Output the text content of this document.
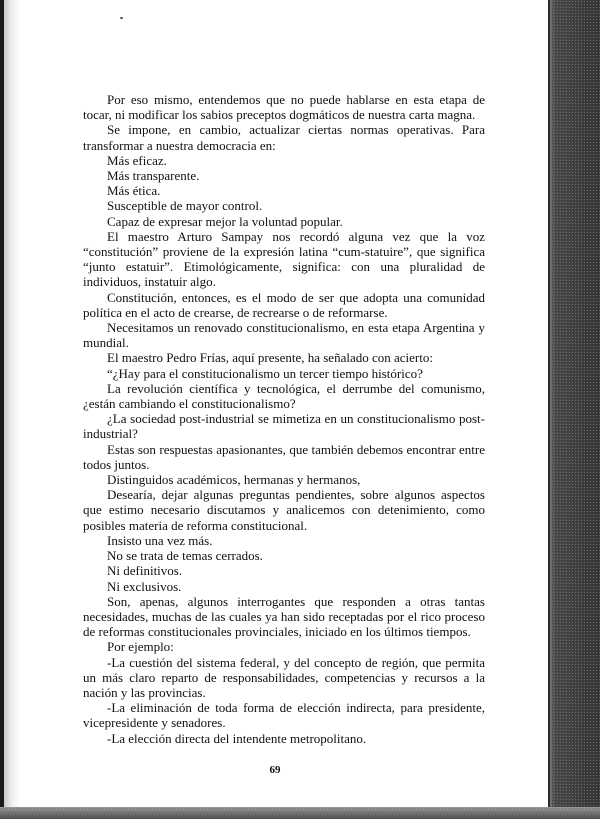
Por eso mismo, entendemos que no puede hablarse en esta etapa de tocar, ni modificar los sabios preceptos dogmáticos de nuestra carta magna.

Se impone, en cambio, actualizar ciertas normas operativas. Para transformar a nuestra democracia en:

Más eficaz.

Más transparente.

Más ética.

Susceptible de mayor control.

Capaz de expresar mejor la voluntad popular.

El maestro Arturo Sampay nos recordó alguna vez que la voz “constitución” proviene de la expresión latina “cum-statuire”, que significa “junto estatuir”. Etimológicamente, significa: con una pluralidad de individuos, instatuir algo.

Constitución, entonces, es el modo de ser que adopta una comunidad política en el acto de crearse, de recrearse o de reformarse.

Necesitamos un renovado constitucionalismo, en esta etapa Argentina y mundial.

El maestro Pedro Frías, aquí presente, ha señalado con acierto:

“¿Hay para el constitucionalismo un tercer tiempo histórico?

La revolución científica y tecnológica, el derrumbe del comunismo, ¿están cambiando el constitucionalismo?

¿La sociedad post-industrial se mimetiza en un constitucionalismo post-industrial?

Estas son respuestas apasionantes, que también debemos encontrar entre todos juntos.

Distinguidos académicos, hermanas y hermanos,

Desearía, dejar algunas preguntas pendientes, sobre algunos aspectos que estimo necesario discutamos y analicemos con detenimiento, como posibles materia de reforma constitucional.

Insisto una vez más.

No se trata de temas cerrados.

Ni definitivos.

Ni exclusivos.

Son, apenas, algunos interrogantes que responden a otras tantas necesidades, muchas de las cuales ya han sido receptadas por el rico proceso de reformas constitucionales provinciales, iniciado en los últimos tiempos.

Por ejemplo:

-La cuestión del sistema federal, y del concepto de región, que permita un más claro reparto de responsabilidades, competencias y recursos a la nación y las provincias.

-La eliminación de toda forma de elección indirecta, para presidente, vicepresidente y senadores.

-La elección directa del intendente metropolitano.

69
